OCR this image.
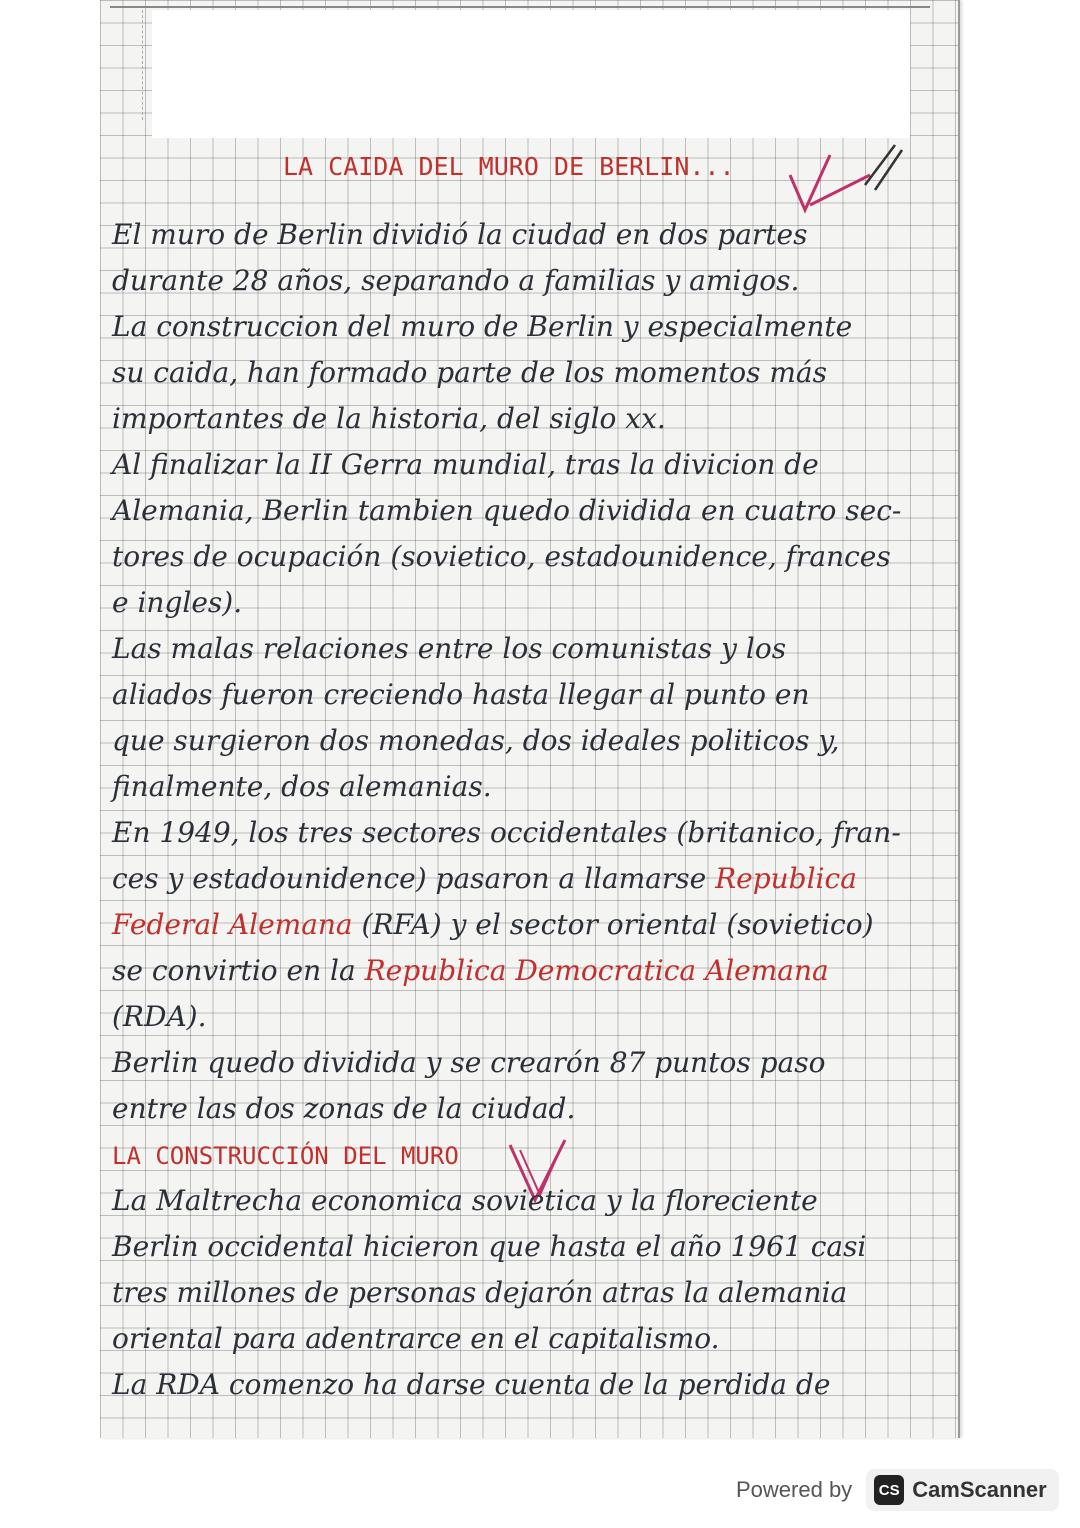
LA CAIDA DEL MURO DE BERLIN...
El muro de Berlin dividió la ciudad en dos partes
durante 28 años, separando a familias y amigos.
La construccion del muro de Berlin y especialmente
su caida, han formado parte de los momentos más
importantes de la historia, del siglo xx.
Al finalizar la II Gerra mundial, tras la divicion de
Alemania, Berlin tambien quedo dividida en cuatro sec-
tores de ocupación (sovietico, estadounidence, frances
e ingles).
Las malas relaciones entre los comunistas y los
aliados fueron creciendo hasta llegar al punto en
que surgieron dos monedas, dos ideales politicos y,
finalmente, dos alemanias.
En 1949, los tres sectores occidentales (britanico, fran-
ces y estadounidence) pasaron a llamarse Republica
Federal Alemana (RFA) y el sector oriental (sovietico)
se convirtio en la Republica Democratica Alemana
(RDA).
Berlin quedo dividida y se crearón 87 puntos paso
entre las dos zonas de la ciudad.
LA CONSTRUCCIÓN DEL MURO
La Maltrecha economica sovietica y la floreciente
Berlin occidental hicieron que hasta el año 1961 casi
tres millones de personas dejarón atras la alemania
oriental para adentrarce en el capitalismo.
La RDA comenzo ha darse cuenta de la perdida de
Powered by	CS CamScanner
